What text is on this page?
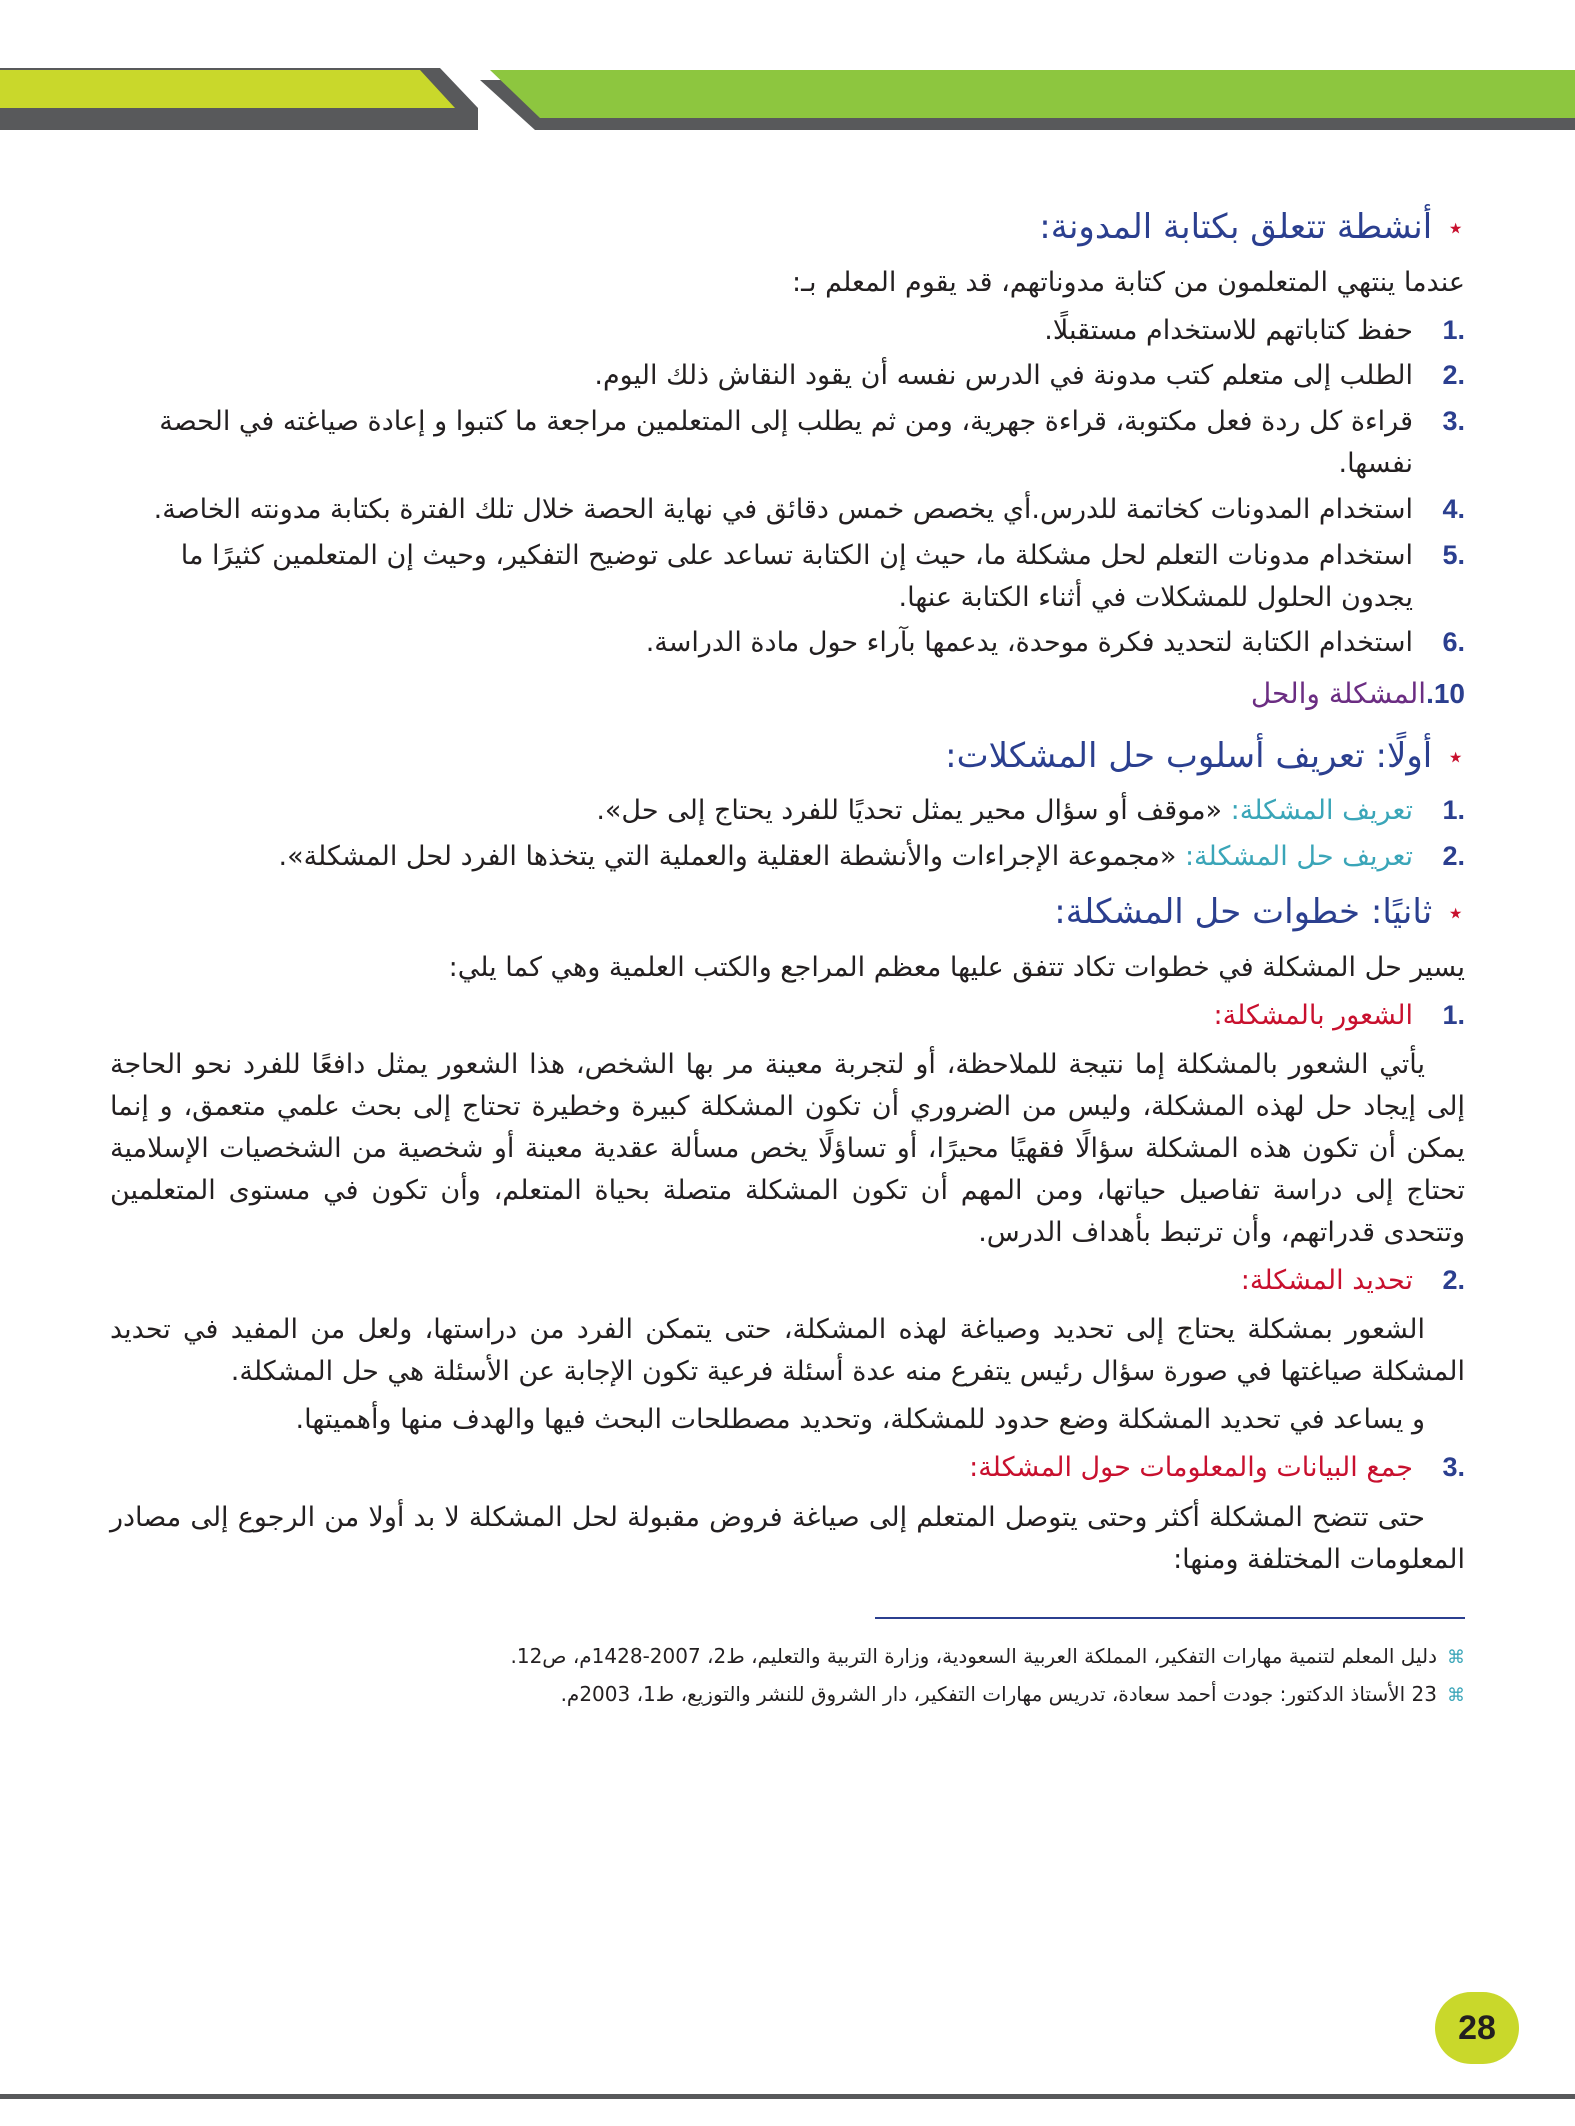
⋆أنشطة تتعلق بكتابة المدونة:
عندما ينتهي المتعلمون من كتابة مدوناتهم، قد يقوم المعلم بـ:
1.
حفظ كتاباتهم للاستخدام مستقبلًا.
2.
الطلب إلى متعلم كتب مدونة في الدرس نفسه أن يقود النقاش ذلك اليوم.
3.
قراءة كل ردة فعل مكتوبة، قراءة جهرية، ومن ثم يطلب إلى المتعلمين مراجعة ما كتبوا و إعادة صياغته في الحصة نفسها.
4.
استخدام المدونات كخاتمة للدرس.أي يخصص خمس دقائق في نهاية الحصة خلال تلك الفترة بكتابة مدونته الخاصة.
5.
استخدام مدونات التعلم لحل مشكلة ما، حيث إن الكتابة تساعد على توضيح التفكير، وحيث إن المتعلمين كثيرًا ما يجدون الحلول للمشكلات في أثناء الكتابة عنها.
6.
استخدام الكتابة لتحديد فكرة موحدة، يدعمها بآراء حول مادة الدراسة.
10.المشكلة والحل
⋆أولًا: تعريف أسلوب حل المشكلات:
1.
تعريف المشكلة: «موقف أو سؤال محير يمثل تحديًا للفرد يحتاج إلى حل».
2.
تعريف حل المشكلة: «مجموعة الإجراءات والأنشطة العقلية والعملية التي يتخذها الفرد لحل المشكلة».
⋆ثانيًا: خطوات حل المشكلة:
يسير حل المشكلة في خطوات تكاد تتفق عليها معظم المراجع والكتب العلمية وهي كما يلي:
1.
الشعور بالمشكلة:
يأتي الشعور بالمشكلة إما نتيجة للملاحظة، أو لتجربة معينة مر بها الشخص، هذا الشعور يمثل دافعًا للفرد نحو الحاجة إلى إيجاد حل لهذه المشكلة، وليس من الضروري أن تكون المشكلة كبيرة وخطيرة تحتاج إلى بحث علمي متعمق، و إنما يمكن أن تكون هذه المشكلة سؤالًا فقهيًا محيرًا، أو تساؤلًا يخص مسألة عقدية معينة أو شخصية من الشخصيات الإسلامية تحتاج إلى دراسة تفاصيل حياتها، ومن المهم أن تكون المشكلة متصلة بحياة المتعلم، وأن تكون في مستوى المتعلمين وتتحدى قدراتهم، وأن ترتبط بأهداف الدرس.
2.
تحديد المشكلة:
الشعور بمشكلة يحتاج إلى تحديد وصياغة لهذه المشكلة، حتى يتمكن الفرد من دراستها، ولعل من المفيد في تحديد المشكلة صياغتها في صورة سؤال رئيس يتفرع منه عدة أسئلة فرعية تكون الإجابة عن الأسئلة هي حل المشكلة.
و يساعد في تحديد المشكلة وضع حدود للمشكلة، وتحديد مصطلحات البحث فيها والهدف منها وأهميتها.
3.
جمع البيانات والمعلومات حول المشكلة:
حتى تتضح المشكلة أكثر وحتى يتوصل المتعلم إلى صياغة فروض مقبولة لحل المشكلة لا بد أولا من الرجوع إلى مصادر المعلومات المختلفة ومنها:
⌘دليل المعلم لتنمية مهارات التفكير، المملكة العربية السعودية، وزارة التربية والتعليم، ط2، 2007-1428م، ص12.
⌘23 الأستاذ الدكتور: جودت أحمد سعادة، تدريس مهارات التفكير، دار الشروق للنشر والتوزيع، ط1، 2003م.
28
